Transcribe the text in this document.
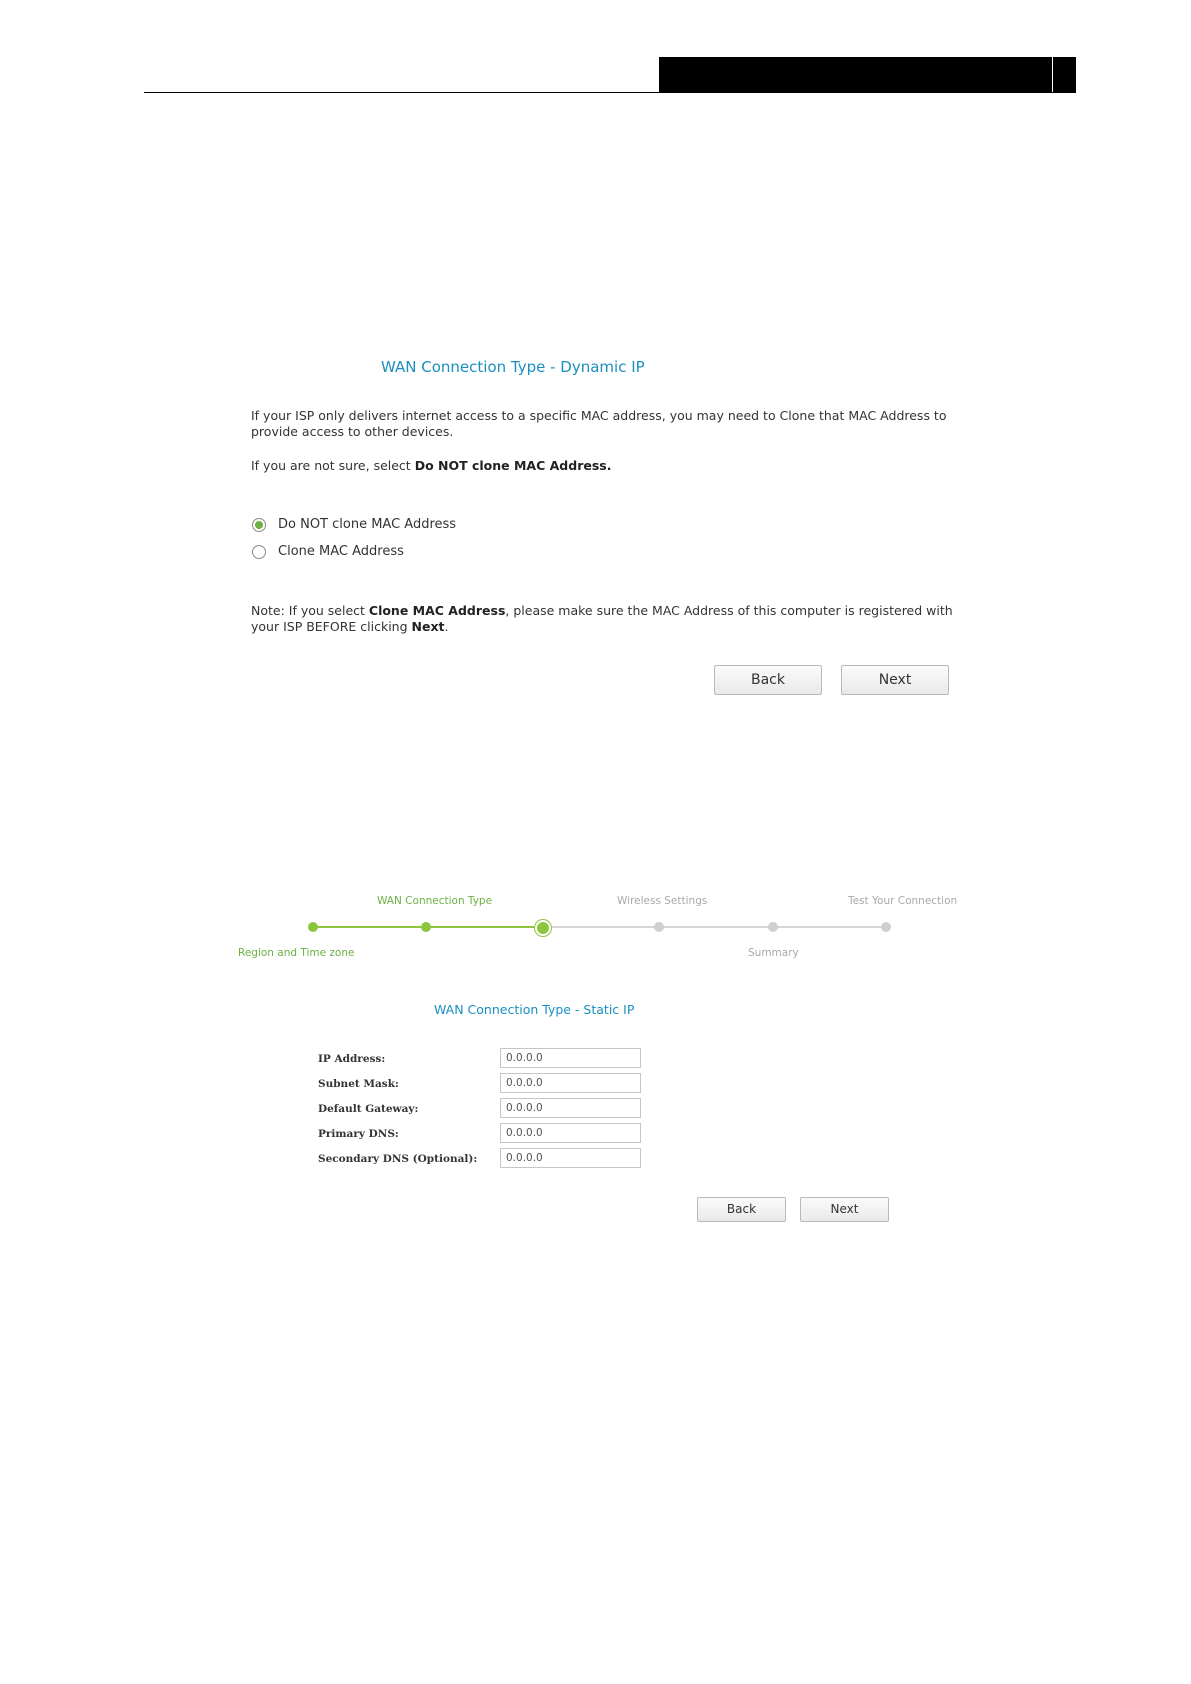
WAN Connection Type - Dynamic IP
If your ISP only delivers internet access to a specific MAC address, you may need to Clone that MAC Address to
provide access to other devices.
If you are not sure, select Do NOT clone MAC Address.
Do NOT clone MAC Address
Clone MAC Address
Note: If you select Clone MAC Address, please make sure the MAC Address of this computer is registered with
your ISP BEFORE clicking Next.
Back	Next
WAN Connection Type	Wireless Settings	Test Your Connection
Region and Time zone	Summary
WAN Connection Type - Static IP
IP Address:
0.0.0.0
Subnet Mask:
0.0.0.0
Default Gateway:
0.0.0.0
Primary DNS:
0.0.0.0
Secondary DNS (Optional):
0.0.0.0
Back	Next
